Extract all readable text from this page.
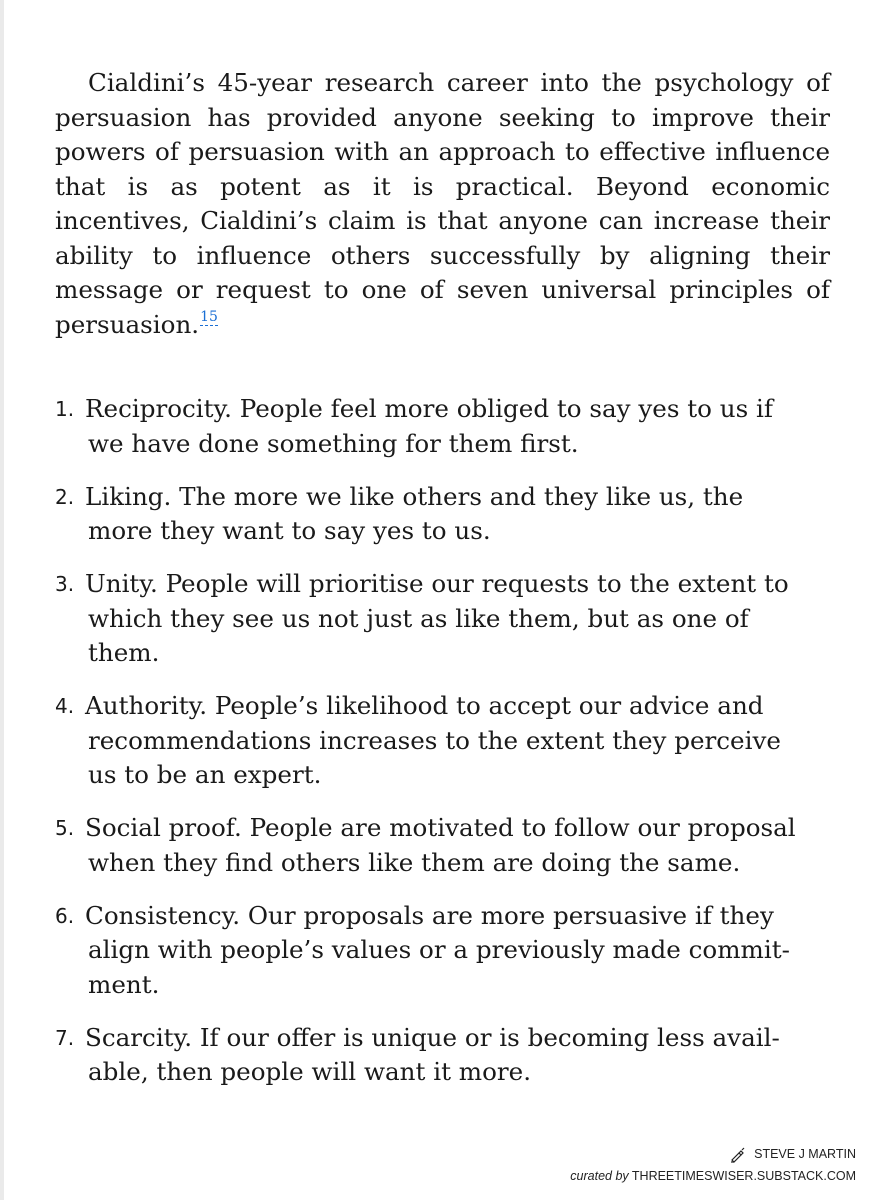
Cialdini’s 45-year research career into the psychology of persuasion has provided anyone seeking to improve their powers of persuasion with an approach to effective influence that is as potent as it is practical. Beyond economic incentives, Cialdini’s claim is that anyone can increase their ability to influence others successfully by aligning their message or request to one of seven universal principles of persuasion.$^{15}$

1. Reciprocity. People feel more obliged to say yes to us if we have done something for them first.
2. Liking. The more we like others and they like us, the more they want to say yes to us.
3. Unity. People will prioritise our requests to the extent to which they see us not just as like them, but as one of them.
4. Authority. People’s likelihood to accept our advice and recommendations increases to the extent they perceive us to be an expert.
5. Social proof. People are motivated to follow our proposal when they find others like them are doing the same.
6. Consistency. Our proposals are more persuasive if they align with people’s values or a previously made commitment.
7. Scarcity. If our offer is unique or is becoming less available, then people will want it more.
STEVE J MARTIN
curated by THREETIMESWISER.SUBSTACK.COM
